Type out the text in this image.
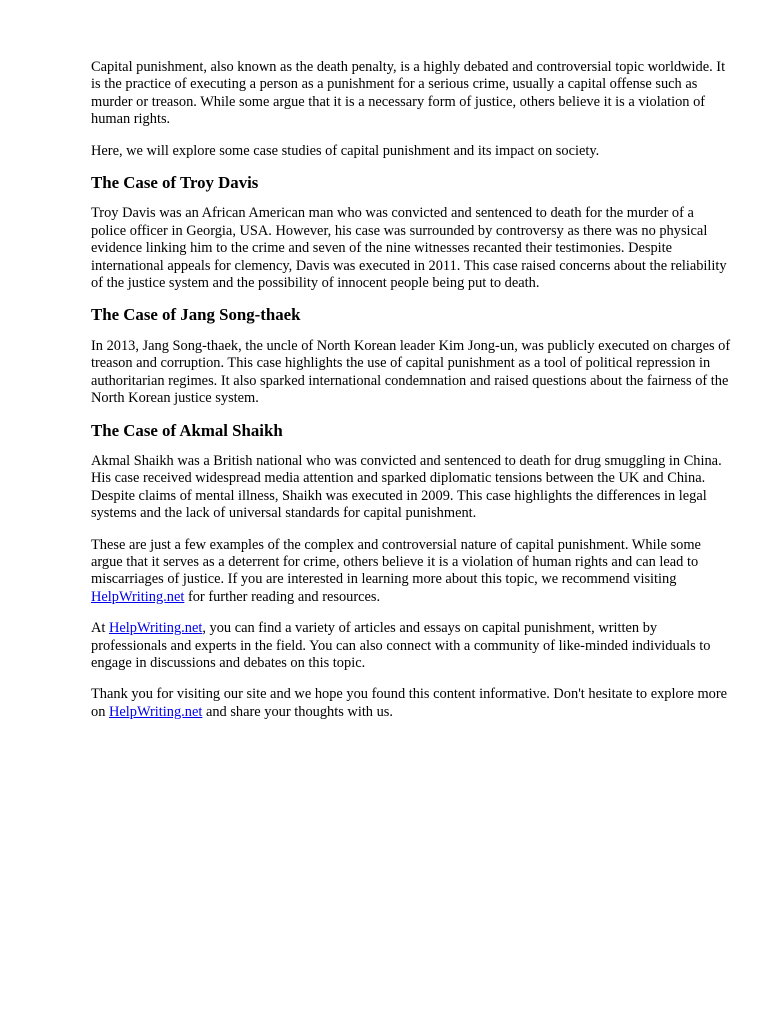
Capital punishment, also known as the death penalty, is a highly debated and controversial topic worldwide. It is the practice of executing a person as a punishment for a serious crime, usually a capital offense such as murder or treason. While some argue that it is a necessary form of justice, others believe it is a violation of human rights.

Here, we will explore some case studies of capital punishment and its impact on society.

The Case of Troy Davis

Troy Davis was an African American man who was convicted and sentenced to death for the murder of a police officer in Georgia, USA. However, his case was surrounded by controversy as there was no physical evidence linking him to the crime and seven of the nine witnesses recanted their testimonies. Despite international appeals for clemency, Davis was executed in 2011. This case raised concerns about the reliability of the justice system and the possibility of innocent people being put to death.

The Case of Jang Song-thaek

In 2013, Jang Song-thaek, the uncle of North Korean leader Kim Jong-un, was publicly executed on charges of treason and corruption. This case highlights the use of capital punishment as a tool of political repression in authoritarian regimes. It also sparked international condemnation and raised questions about the fairness of the North Korean justice system.

The Case of Akmal Shaikh

Akmal Shaikh was a British national who was convicted and sentenced to death for drug smuggling in China. His case received widespread media attention and sparked diplomatic tensions between the UK and China. Despite claims of mental illness, Shaikh was executed in 2009. This case highlights the differences in legal systems and the lack of universal standards for capital punishment.

These are just a few examples of the complex and controversial nature of capital punishment. While some argue that it serves as a deterrent for crime, others believe it is a violation of human rights and can lead to miscarriages of justice. If you are interested in learning more about this topic, we recommend visiting HelpWriting.net for further reading and resources.

At HelpWriting.net, you can find a variety of articles and essays on capital punishment, written by professionals and experts in the field. You can also connect with a community of like-minded individuals to engage in discussions and debates on this topic.

Thank you for visiting our site and we hope you found this content informative. Don't hesitate to explore more on HelpWriting.net and share your thoughts with us.
